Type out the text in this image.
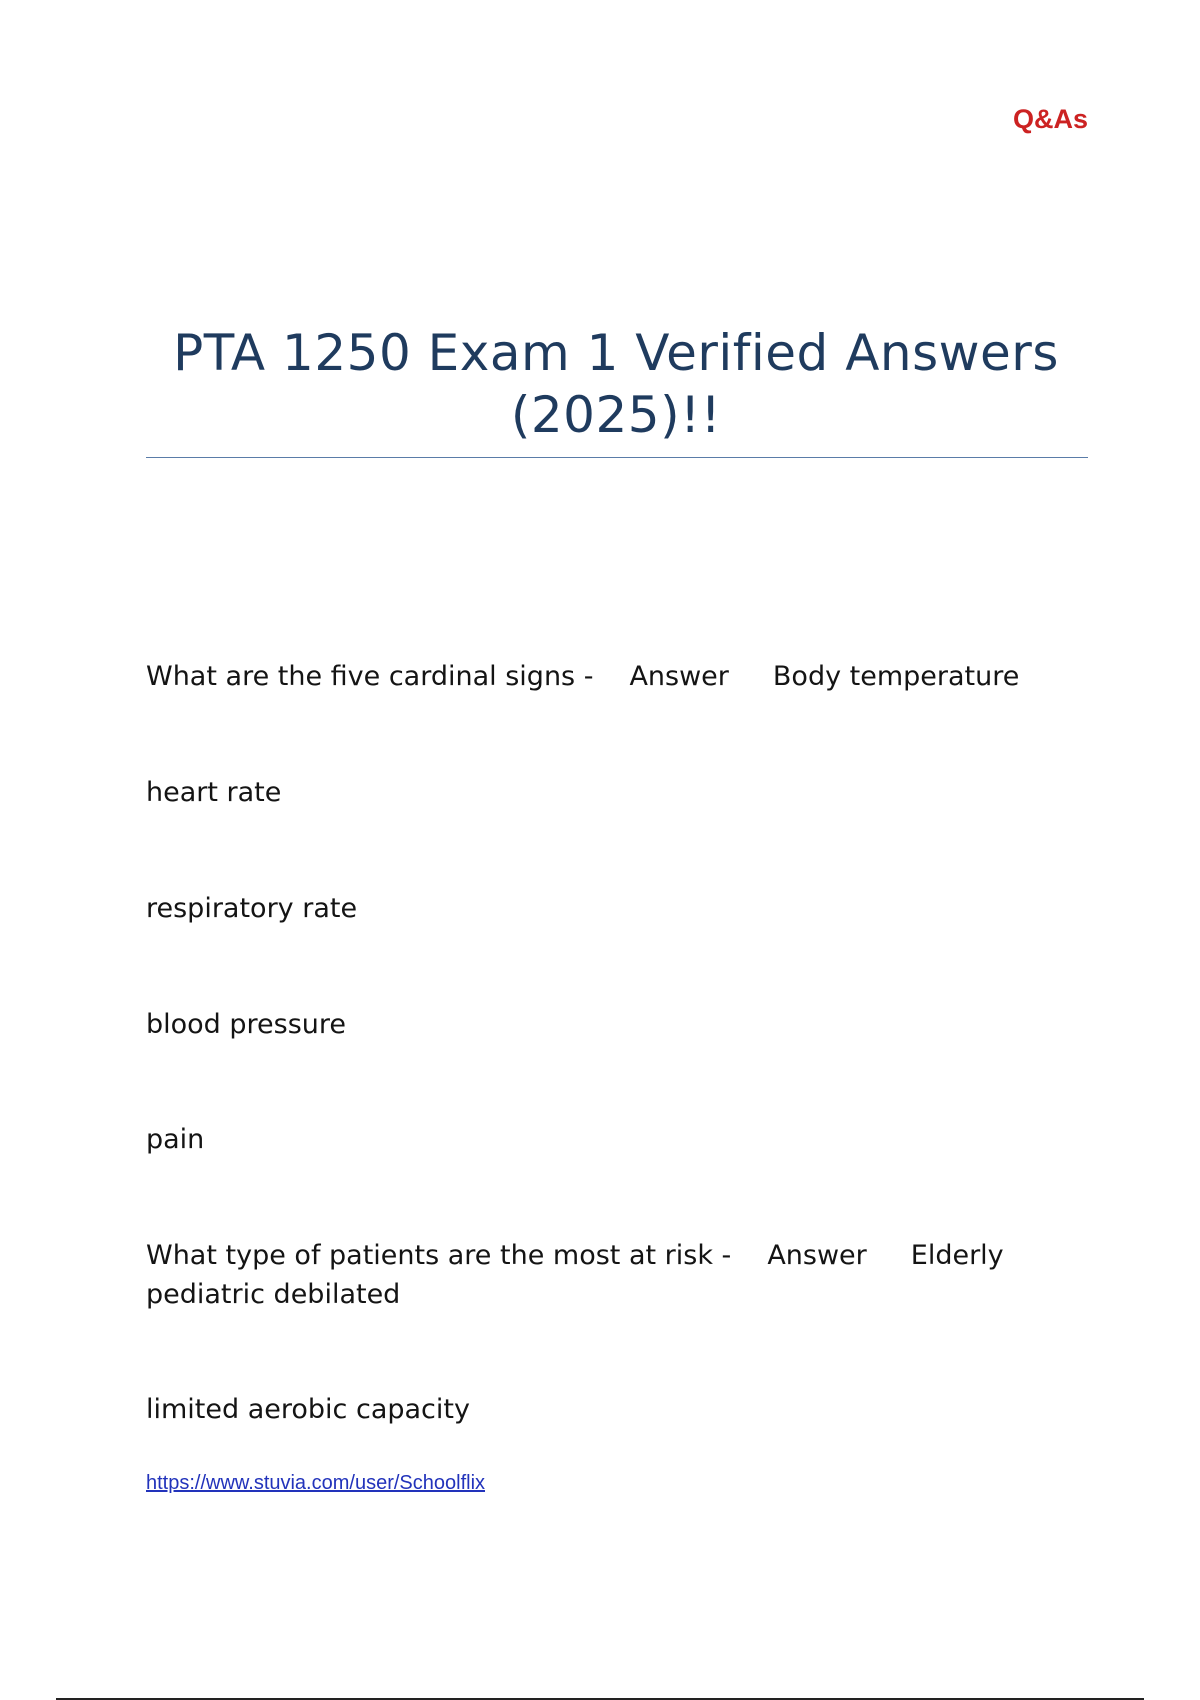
Q&As
PTA 1250 Exam 1 Verified Answers
(2025)!!
What are the five cardinal signs - Answer Body temperature
heart rate
respiratory rate
blood pressure
pain
What type of patients are the most at risk - Answer Elderly
pediatric debilated
limited aerobic capacity
https://www.stuvia.com/user/Schoolflix
